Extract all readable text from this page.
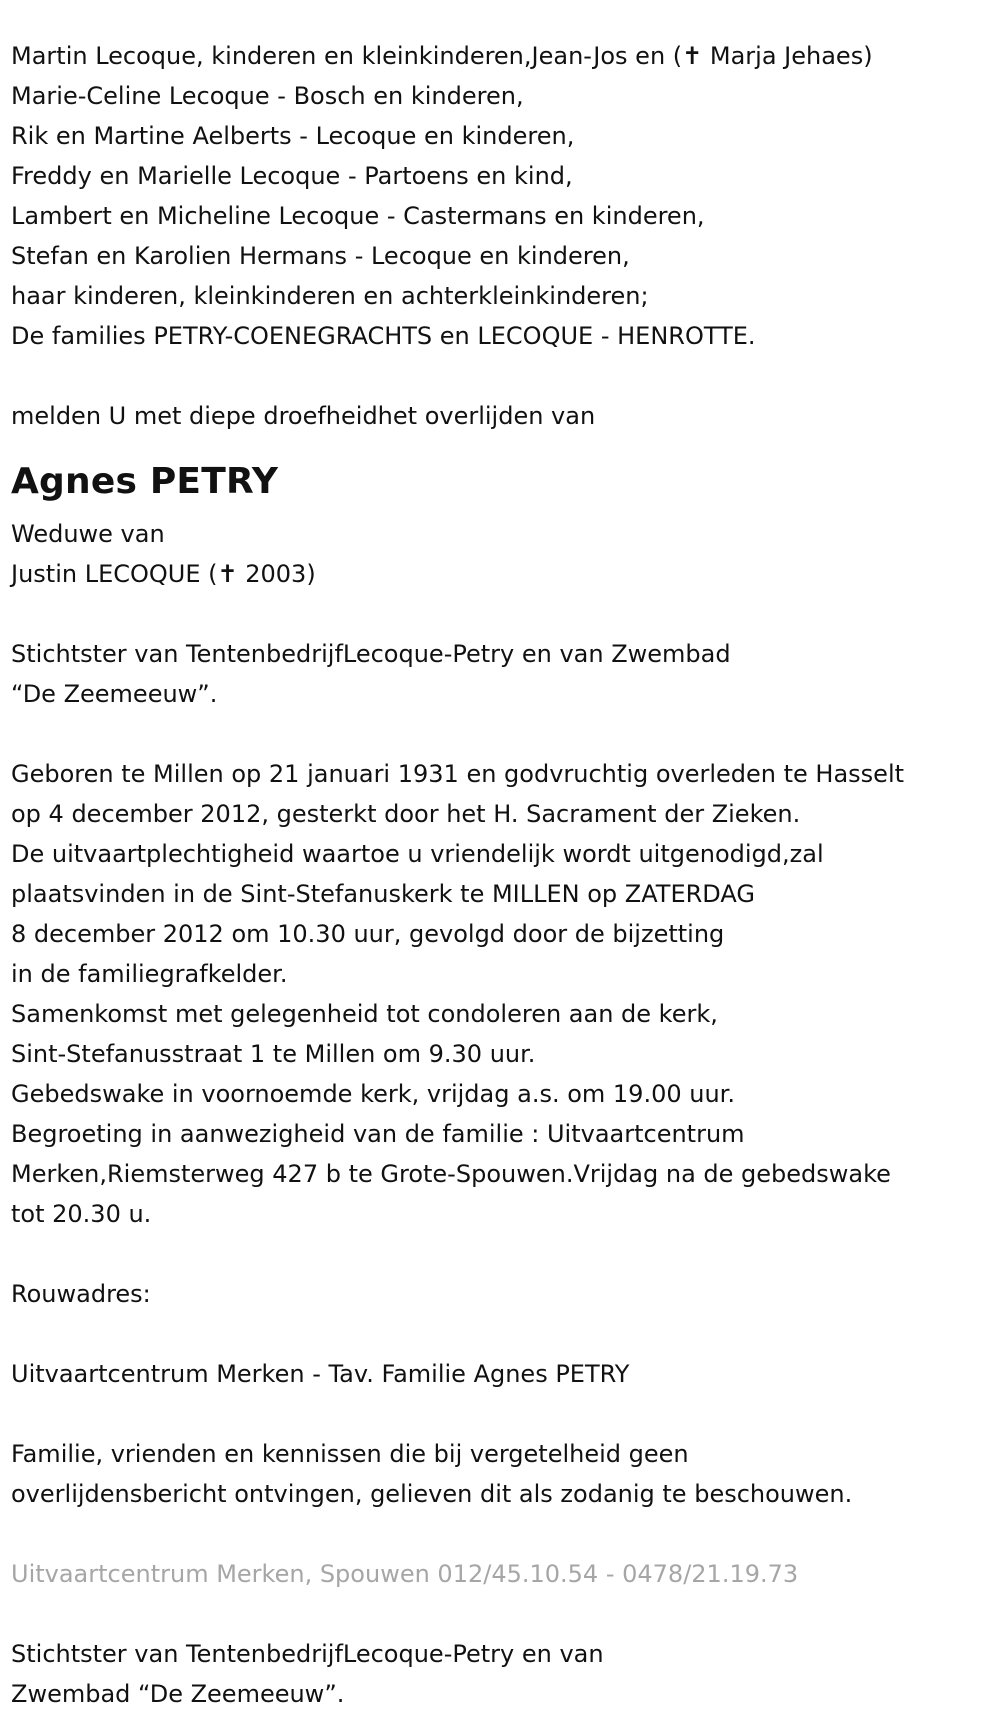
Martin Lecoque, kinderen en kleinkinderen,Jean-Jos en (✝ Marja Jehaes)
Marie-Celine Lecoque - Bosch en kinderen,
Rik en Martine Aelberts - Lecoque en kinderen,
Freddy en Marielle Lecoque - Partoens en kind,
Lambert en Micheline Lecoque - Castermans en kinderen,
Stefan en Karolien Hermans - Lecoque en kinderen,
haar kinderen, kleinkinderen en achterkleinkinderen;
De families PETRY-COENEGRACHTS en LECOQUE - HENROTTE.
melden U met diepe droefheidhet overlijden van
Agnes PETRY
Weduwe van
Justin LECOQUE (✝ 2003)
Stichtster van TentenbedrijfLecoque-Petry en van Zwembad
“De Zeemeeuw”.
Geboren te Millen op 21 januari 1931 en godvruchtig overleden te Hasselt
op 4 december 2012, gesterkt door het H. Sacrament der Zieken.
De uitvaartplechtigheid waartoe u vriendelijk wordt uitgenodigd,zal
plaatsvinden in de Sint-Stefanuskerk te MILLEN op ZATERDAG
8 december 2012 om 10.30 uur, gevolgd door de bijzetting
in de familiegrafkelder.
Samenkomst met gelegenheid tot condoleren aan de kerk,
Sint-Stefanusstraat 1 te Millen om 9.30 uur.
Gebedswake in voornoemde kerk, vrijdag a.s. om 19.00 uur.
Begroeting in aanwezigheid van de familie : Uitvaartcentrum
Merken,Riemsterweg 427 b te Grote-Spouwen.Vrijdag na de gebedswake
tot 20.30 u.
Rouwadres:
Uitvaartcentrum Merken - Tav. Familie Agnes PETRY
Familie, vrienden en kennissen die bij vergetelheid geen
overlijdensbericht ontvingen, gelieven dit als zodanig te beschouwen.
Uitvaartcentrum Merken, Spouwen 012/45.10.54 - 0478/21.19.73
Stichtster van TentenbedrijfLecoque-Petry en van
Zwembad “De Zeemeeuw”.
